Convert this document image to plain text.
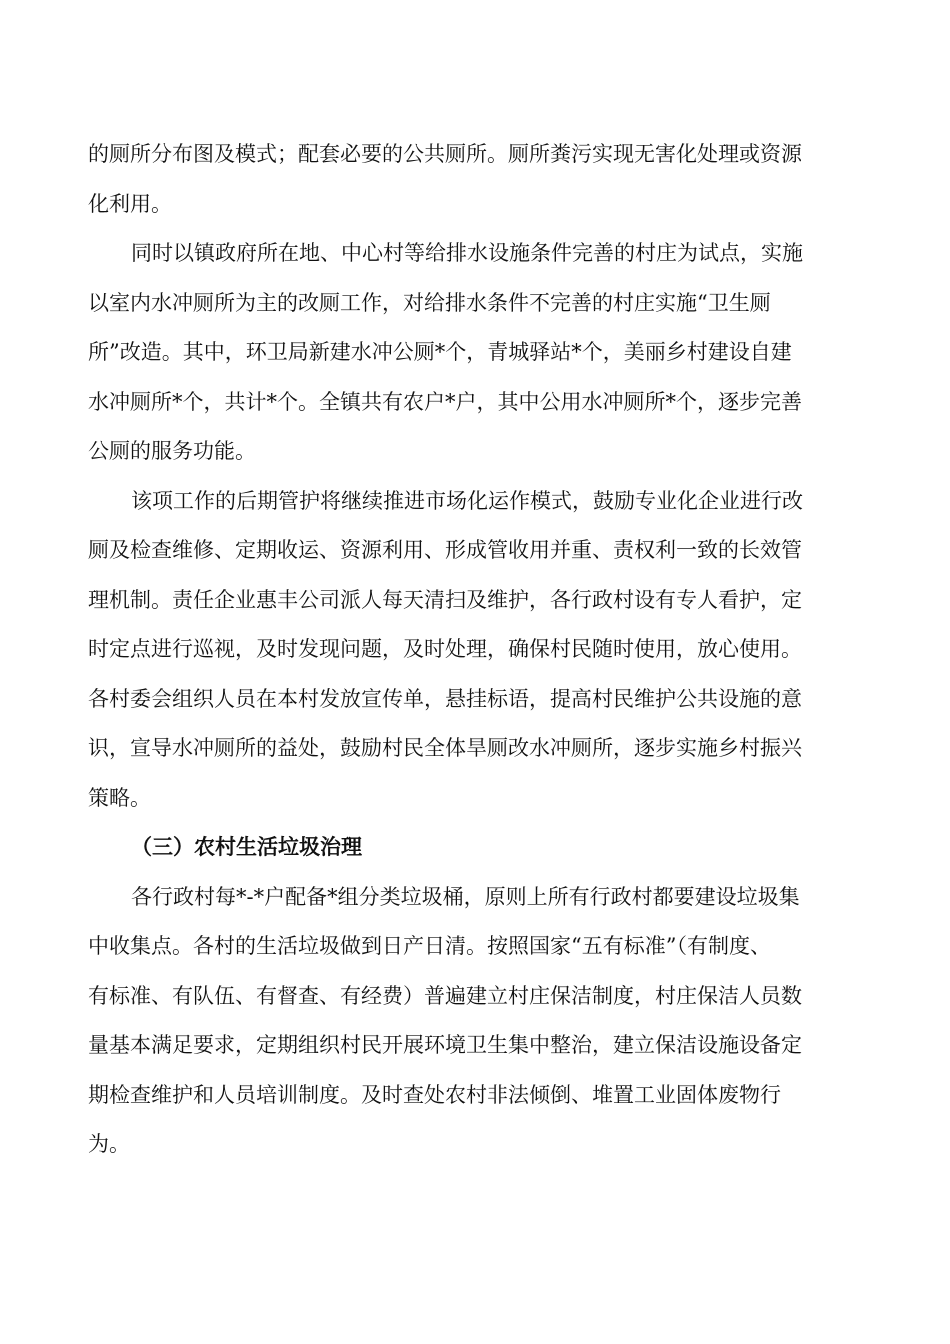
的厕所分布图及模式；配套必要的公共厕所。厕所粪污实现无害化处理或资源
化利用。

同时以镇政府所在地、中心村等给排水设施条件完善的村庄为试点，实施
以室内水冲厕所为主的改厕工作，对给排水条件不完善的村庄实施“卫生厕
所”改造。其中，环卫局新建水冲公厕*个，青城驿站*个，美丽乡村建设自建
水冲厕所*个，共计*个。全镇共有农户*户，其中公用水冲厕所*个，逐步完善
公厕的服务功能。

该项工作的后期管护将继续推进市场化运作模式，鼓励专业化企业进行改
厕及检查维修、定期收运、资源利用、形成管收用并重、责权利一致的长效管
理机制。责任企业惠丰公司派人每天清扫及维护，各行政村设有专人看护，定
时定点进行巡视，及时发现问题，及时处理，确保村民随时使用，放心使用。
各村委会组织人员在本村发放宣传单，悬挂标语，提高村民维护公共设施的意
识，宣导水冲厕所的益处，鼓励村民全体旱厕改水冲厕所，逐步实施乡村振兴
策略。

（三）农村生活垃圾治理

各行政村每*-*户配备*组分类垃圾桶，原则上所有行政村都要建设垃圾集
中收集点。各村的生活垃圾做到日产日清。按照国家“五有标准”（有制度、
有标准、有队伍、有督查、有经费）普遍建立村庄保洁制度，村庄保洁人员数
量基本满足要求，定期组织村民开展环境卫生集中整治，建立保洁设施设备定
期检查维护和人员培训制度。及时查处农村非法倾倒、堆置工业固体废物行
为。
